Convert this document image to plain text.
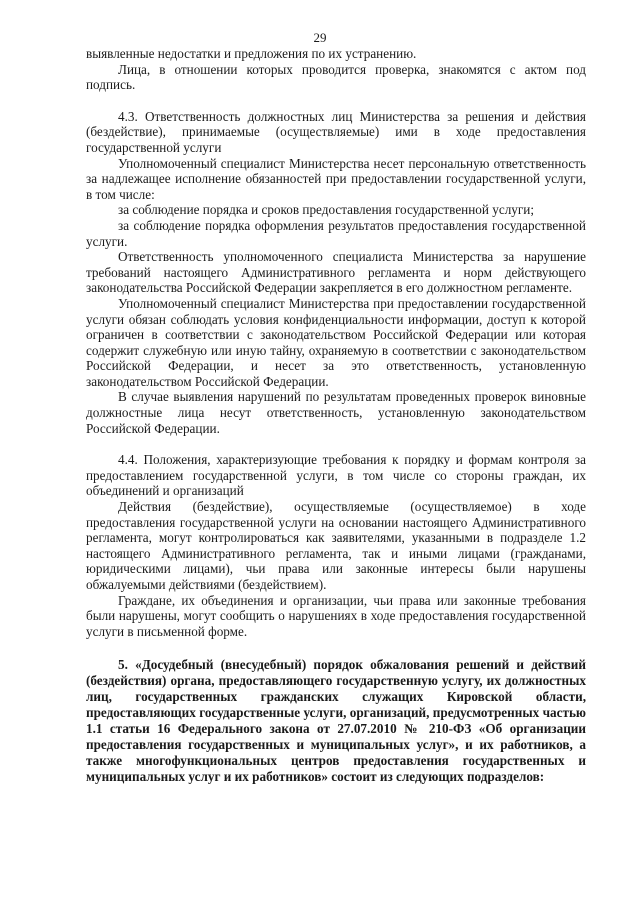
29

выявленные недостатки и предложения по их устранению.

Лица, в отношении которых проводится проверка, знакомятся с актом под подпись.

4.3. Ответственность должностных лиц Министерства за решения и действия (бездействие), принимаемые (осуществляемые) ими в ходе предоставления государственной услуги

Уполномоченный специалист Министерства несет персональную ответственность за надлежащее исполнение обязанностей при предоставлении государственной услуги, в том числе:

за соблюдение порядка и сроков предоставления государственной услуги;

за соблюдение порядка оформления результатов предоставления государственной услуги.

Ответственность уполномоченного специалиста Министерства за нарушение требований настоящего Административного регламента и норм действующего законодательства Российской Федерации закрепляется в его должностном регламенте.

Уполномоченный специалист Министерства при предоставлении государственной услуги обязан соблюдать условия конфиденциальности информации, доступ к которой ограничен в соответствии с законодательством Российской Федерации или которая содержит служебную или иную тайну, охраняемую в соответствии с законодательством Российской Федерации, и несет за это ответственность, установленную законодательством Российской Федерации.

В случае выявления нарушений по результатам проведенных проверок виновные должностные лица несут ответственность, установленную законодательством Российской Федерации.

4.4. Положения, характеризующие требования к порядку и формам контроля за предоставлением государственной услуги, в том числе со стороны граждан, их объединений и организаций

Действия (бездействие), осуществляемые (осуществляемое) в ходе предоставления государственной услуги на основании настоящего Административного регламента, могут контролироваться как заявителями, указанными в подразделе 1.2 настоящего Административного регламента, так и иными лицами (гражданами, юридическими лицами), чьи права или законные интересы были нарушены обжалуемыми действиями (бездействием).

Граждане, их объединения и организации, чьи права или законные требования были нарушены, могут сообщить о нарушениях в ходе предоставления государственной услуги в письменной форме.

5. «Досудебный (внесудебный) порядок обжалования решений и действий (бездействия) органа, предоставляющего государственную услугу, их должностных лиц, государственных гражданских служащих Кировской области, предоставляющих государственные услуги, организаций, предусмотренных частью 1.1 статьи 16 Федерального закона от 27.07.2010 № 210-ФЗ «Об организации предоставления государственных и муниципальных услуг», и их работников, а также многофункциональных центров предоставления государственных и муниципальных услуг и их работников» состоит из следующих подразделов:
